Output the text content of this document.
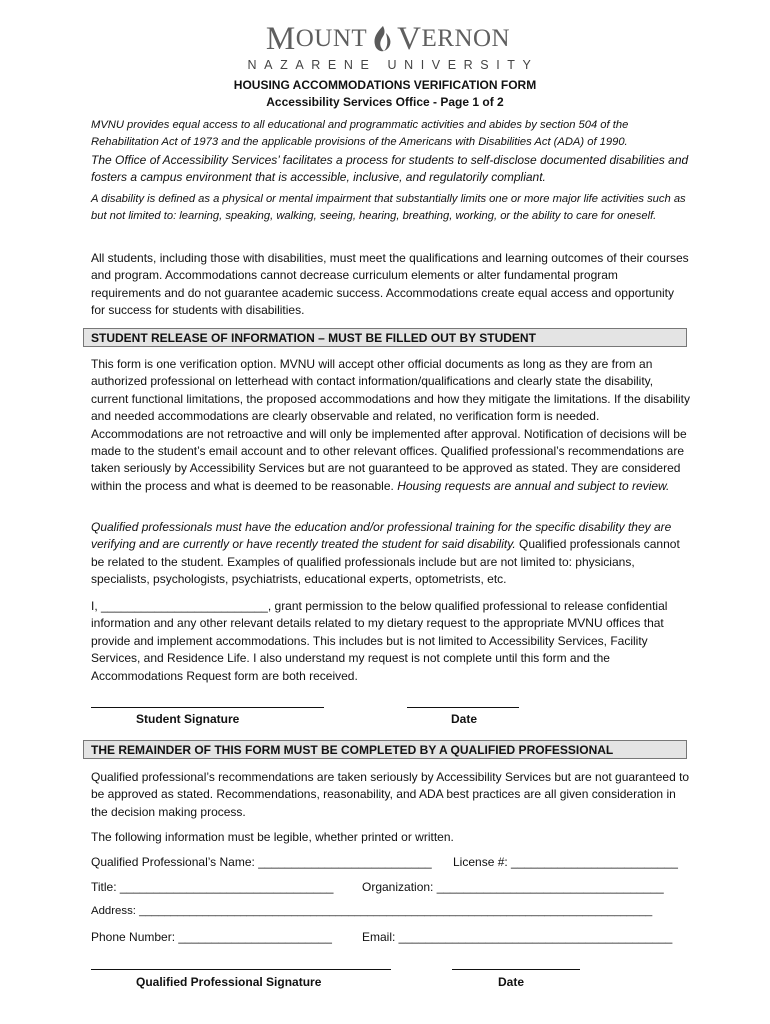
M OUNT V ERNON
NAZARENE UNIVERSITY
HOUSING ACCOMMODATIONS VERIFICATION FORM
Accessibility Services Office - Page 1 of 2

MVNU provides equal access to all educational and programmatic activities and abides by section 504 of the Rehabilitation Act of 1973 and the applicable provisions of the Americans with Disabilities Act (ADA) of 1990.

The Office of Accessibility Services’ facilitates a process for students to self-disclose documented disabilities and fosters a campus environment that is accessible, inclusive, and regulatorily compliant.

A disability is defined as a physical or mental impairment that substantially limits one or more major life activities such as but not limited to: learning, speaking, walking, seeing, hearing, breathing, working, or the ability to care for oneself.

All students, including those with disabilities, must meet the qualifications and learning outcomes of their courses and program. Accommodations cannot decrease curriculum elements or alter fundamental program requirements and do not guarantee academic success. Accommodations create equal access and opportunity for success for students with disabilities.

STUDENT RELEASE OF INFORMATION – MUST BE FILLED OUT BY STUDENT

This form is one verification option. MVNU will accept other official documents as long as they are from an authorized professional on letterhead with contact information/qualifications and clearly state the disability, current functional limitations, the proposed accommodations and how they mitigate the limitations. If the disability and needed accommodations are clearly observable and related, no verification form is needed. Accommodations are not retroactive and will only be implemented after approval. Notification of decisions will be made to the student’s email account and to other relevant offices. Qualified professional’s recommendations are taken seriously by Accessibility Services but are not guaranteed to be approved as stated. They are considered within the process and what is deemed to be reasonable. Housing requests are annual and subject to review.

Qualified professionals must have the education and/or professional training for the specific disability they are verifying and are currently or have recently treated the student for said disability. Qualified professionals cannot be related to the student. Examples of qualified professionals include but are not limited to: physicians, specialists, psychologists, psychiatrists, educational experts, optometrists, etc.

I, _________________________, grant permission to the below qualified professional to release confidential information and any other relevant details related to my dietary request to the appropriate MVNU offices that provide and implement accommodations. This includes but is not limited to Accessibility Services, Facility Services, and Residence Life. I also understand my request is not complete until this form and the Accommodations Request form are both received.

Student Signature	Date
THE REMAINDER OF THIS FORM MUST BE COMPLETED BY A QUALIFIED PROFESSIONAL

Qualified professional’s recommendations are taken seriously by Accessibility Services but are not guaranteed to be approved as stated. Recommendations, reasonability, and ADA best practices are all given consideration in the decision making process.

The following information must be legible, whether printed or written.

Qualified Professional’s Name: __________________________ License #: _________________________
Title: ________________________________ Organization: __________________________________
Address: _________________________________________________________________________________
Phone Number: _______________________	Email: _________________________________________
Qualified Professional Signature	Date
